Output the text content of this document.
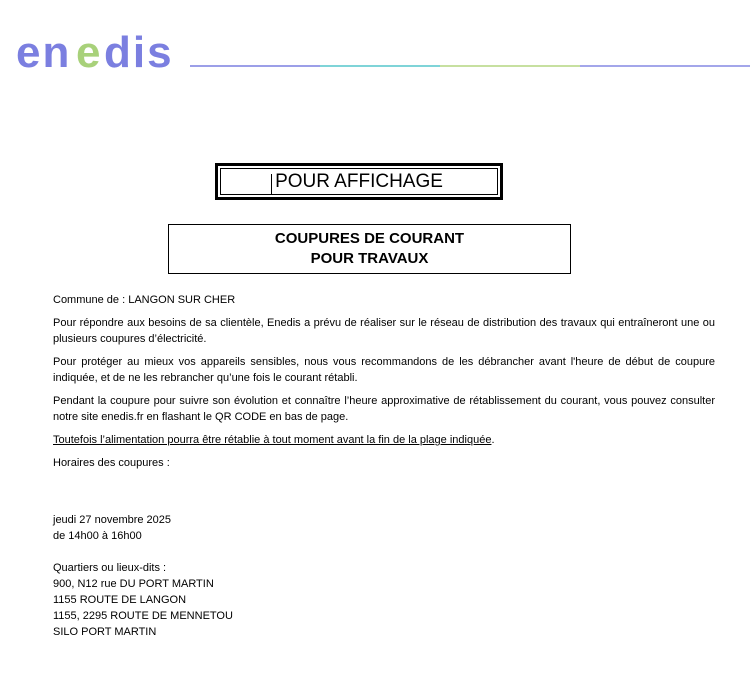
en e dis
POUR AFFICHAGE
COUPURES DE COURANT
POUR TRAVAUX

Commune de : LANGON SUR CHER

Pour répondre aux besoins de sa clientèle, Enedis a prévu de réaliser sur le réseau de distribution des travaux qui entraîneront une ou plusieurs coupures d’électricité.

Pour protéger au mieux vos appareils sensibles, nous vous recommandons de les débrancher avant l'heure de début de coupure indiquée, et de ne les rebrancher qu’une fois le courant rétabli.

Pendant la coupure pour suivre son évolution et connaître l’heure approximative de rétablissement du courant, vous pouvez consulter notre site enedis.fr en flashant le QR CODE en bas de page.

Toutefois l’alimentation pourra être rétablie à tout moment avant la fin de la plage indiquée.

Horaires des coupures :

jeudi 27 novembre 2025
de 14h00 à 16h00
Quartiers ou lieux-dits :
900, N12 rue DU PORT MARTIN
1155 ROUTE DE LANGON
1155, 2295 ROUTE DE MENNETOU
SILO PORT MARTIN
